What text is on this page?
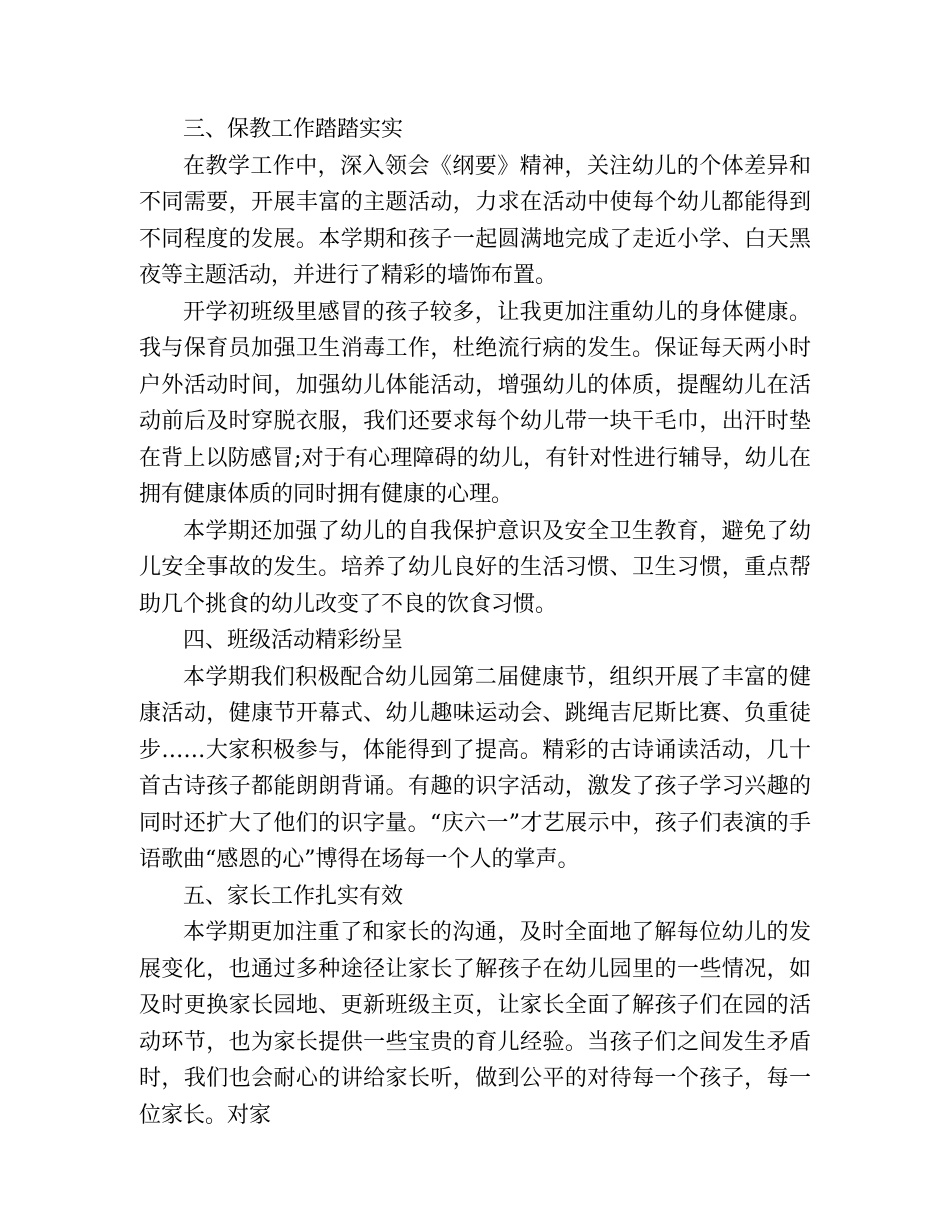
三、保教工作踏踏实实

在教学工作中，深入领会《纲要》精神，关注幼儿的个体差异和不同需要，开展丰富的主题活动，力求在活动中使每个幼儿都能得到不同程度的发展。本学期和孩子一起圆满地完成了走近小学、白天黑夜等主题活动，并进行了精彩的墙饰布置。

开学初班级里感冒的孩子较多，让我更加注重幼儿的身体健康。我与保育员加强卫生消毒工作，杜绝流行病的发生。保证每天两小时户外活动时间，加强幼儿体能活动，增强幼儿的体质，提醒幼儿在活动前后及时穿脱衣服，我们还要求每个幼儿带一块干毛巾，出汗时垫在背上以防感冒;对于有心理障碍的幼儿，有针对性进行辅导，幼儿在拥有健康体质的同时拥有健康的心理。

本学期还加强了幼儿的自我保护意识及安全卫生教育，避免了幼儿安全事故的发生。培养了幼儿良好的生活习惯、卫生习惯，重点帮助几个挑食的幼儿改变了不良的饮食习惯。

四、班级活动精彩纷呈

本学期我们积极配合幼儿园第二届健康节，组织开展了丰富的健康活动，健康节开幕式、幼儿趣味运动会、跳绳吉尼斯比赛、负重徒步……大家积极参与，体能得到了提高。精彩的古诗诵读活动，几十首古诗孩子都能朗朗背诵。有趣的识字活动，激发了孩子学习兴趣的同时还扩大了他们的识字量。“庆六一”才艺展示中，孩子们表演的手语歌曲“感恩的心”博得在场每一个人的掌声。

五、家长工作扎实有效

本学期更加注重了和家长的沟通，及时全面地了解每位幼儿的发展变化，也通过多种途径让家长了解孩子在幼儿园里的一些情况，如及时更换家长园地、更新班级主页，让家长全面了解孩子们在园的活动环节，也为家长提供一些宝贵的育儿经验。当孩子们之间发生矛盾时，我们也会耐心的讲给家长听，做到公平的对待每一个孩子，每一位家长。对家
